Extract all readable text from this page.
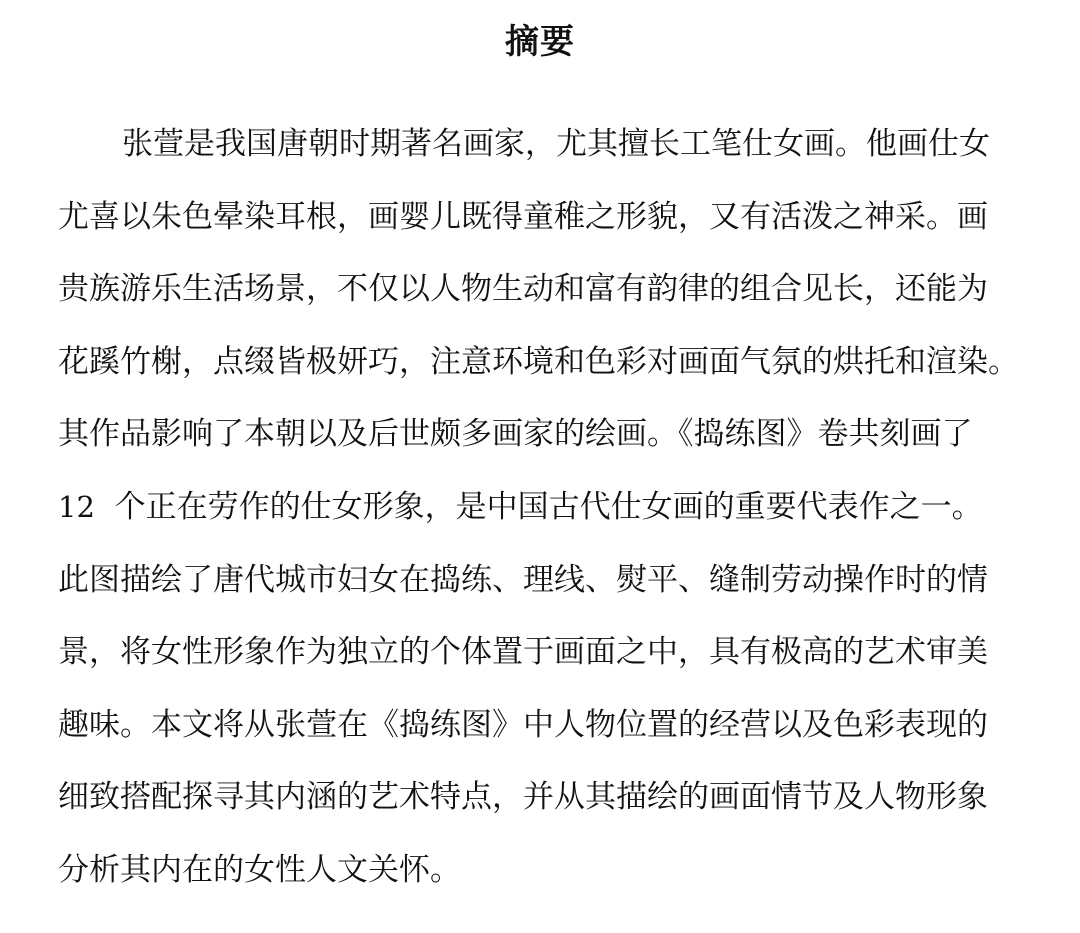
摘要
张萱是我国唐朝时期著名画家，尤其擅长工笔仕女画。他画仕女
尤喜以朱色晕染耳根，画婴儿既得童稚之形貌，又有活泼之神采。画
贵族游乐生活场景，不仅以人物生动和富有韵律的组合见长，还能为
花蹊竹榭，点缀皆极妍巧，注意环境和色彩对画面气氛的烘托和渲染。
其作品影响了本朝以及后世颇多画家的绘画。《捣练图》卷共刻画了
12 个正在劳作的仕女形象，是中国古代仕女画的重要代表作之一。
此图描绘了唐代城市妇女在捣练、理线、熨平、缝制劳动操作时的情
景，将女性形象作为独立的个体置于画面之中，具有极高的艺术审美
趣味。本文将从张萱在《捣练图》中人物位置的经营以及色彩表现的
细致搭配探寻其内涵的艺术特点，并从其描绘的画面情节及人物形象
分析其内在的女性人文关怀。
